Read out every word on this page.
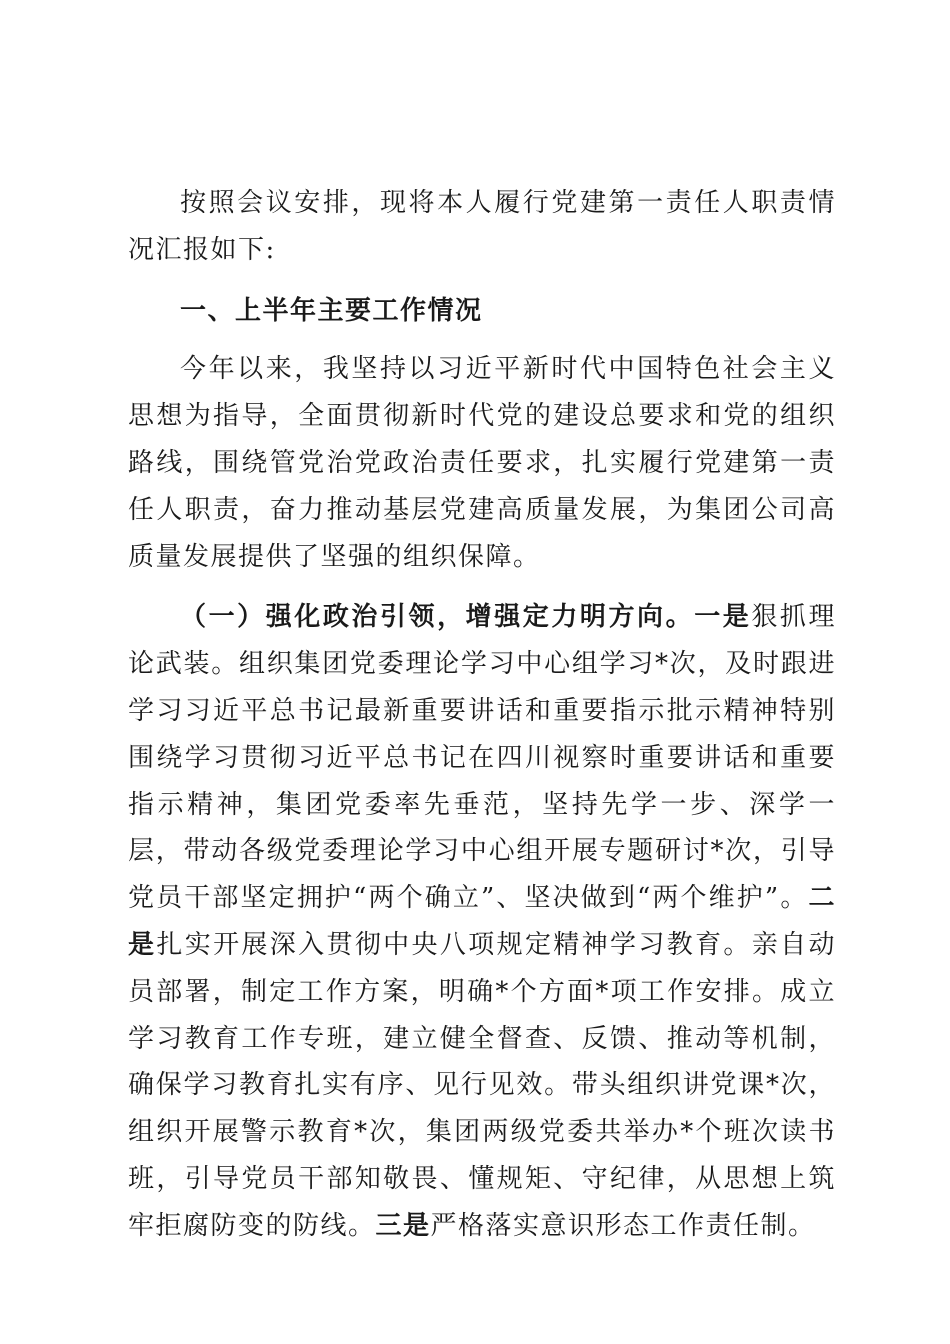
按照会议安排，现将本人履行党建第一责任人职责情况汇报如下:

一、上半年主要工作情况

今年以来，我坚持以习近平新时代中国特色社会主义思想为指导，全面贯彻新时代党的建设总要求和党的组织路线，围绕管党治党政治责任要求，扎实履行党建第一责任人职责，奋力推动基层党建高质量发展，为集团公司高质量发展提供了坚强的组织保障。

（一）强化政治引领，增强定力明方向。一是狠抓理论武装。组织集团党委理论学习中心组学习*次，及时跟进学习习近平总书记最新重要讲话和重要指示批示精神特别围绕学习贯彻习近平总书记在四川视察时重要讲话和重要指示精神，集团党委率先垂范，坚持先学一步、深学一层，带动各级党委理论学习中心组开展专题研讨*次，引导党员干部坚定拥护“两个确立”、坚决做到“两个维护”。二是扎实开展深入贯彻中央八项规定精神学习教育。亲自动员部署，制定工作方案，明确*个方面*项工作安排。成立学习教育工作专班，建立健全督查、反馈、推动等机制，确保学习教育扎实有序、见行见效。带头组织讲党课*次，组织开展警示教育*次，集团两级党委共举办*个班次读书班，引导党员干部知敬畏、懂规矩、守纪律，从思想上筑牢拒腐防变的防线。三是严格落实意识形态工作责任制。
